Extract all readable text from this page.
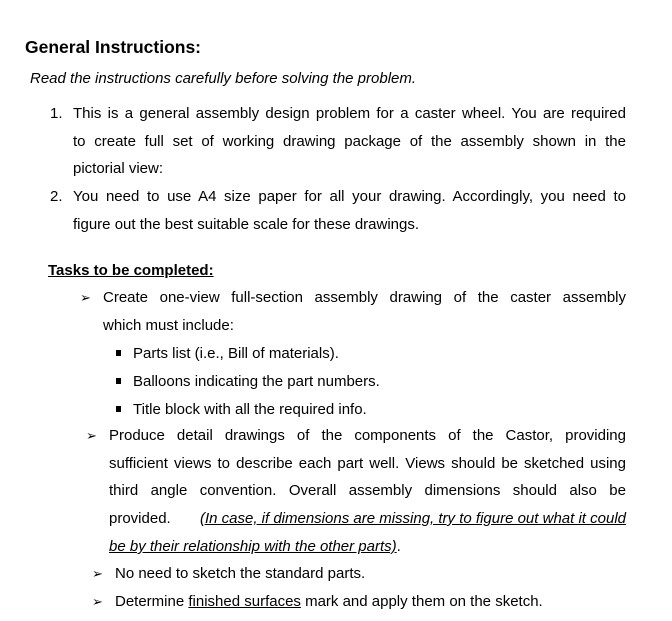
General Instructions:
Read the instructions carefully before solving the problem.
1. This is a general assembly design problem for a caster wheel. You are required
to create full set of working drawing package of the assembly shown in the
pictorial view:
2. You need to use A4 size paper for all your drawing. Accordingly, you need to
figure out the best suitable scale for these drawings.
Tasks to be completed:
➢ Create one-view full-section assembly drawing of the caster assembly
which must include:
Parts list (i.e., Bill of materials).
Balloons indicating the part numbers.
Title block with all the required info.
➢ Produce detail drawings of the components of the Castor, providing
sufficient views to describe each part well. Views should be sketched using
third angle convention. Overall assembly dimensions should also be
provided. (In case, if dimensions are missing, try to figure out what it could
be by their relationship with the other parts).
➢ No need to sketch the standard parts.
➢ Determine finished surfaces mark and apply them on the sketch.
